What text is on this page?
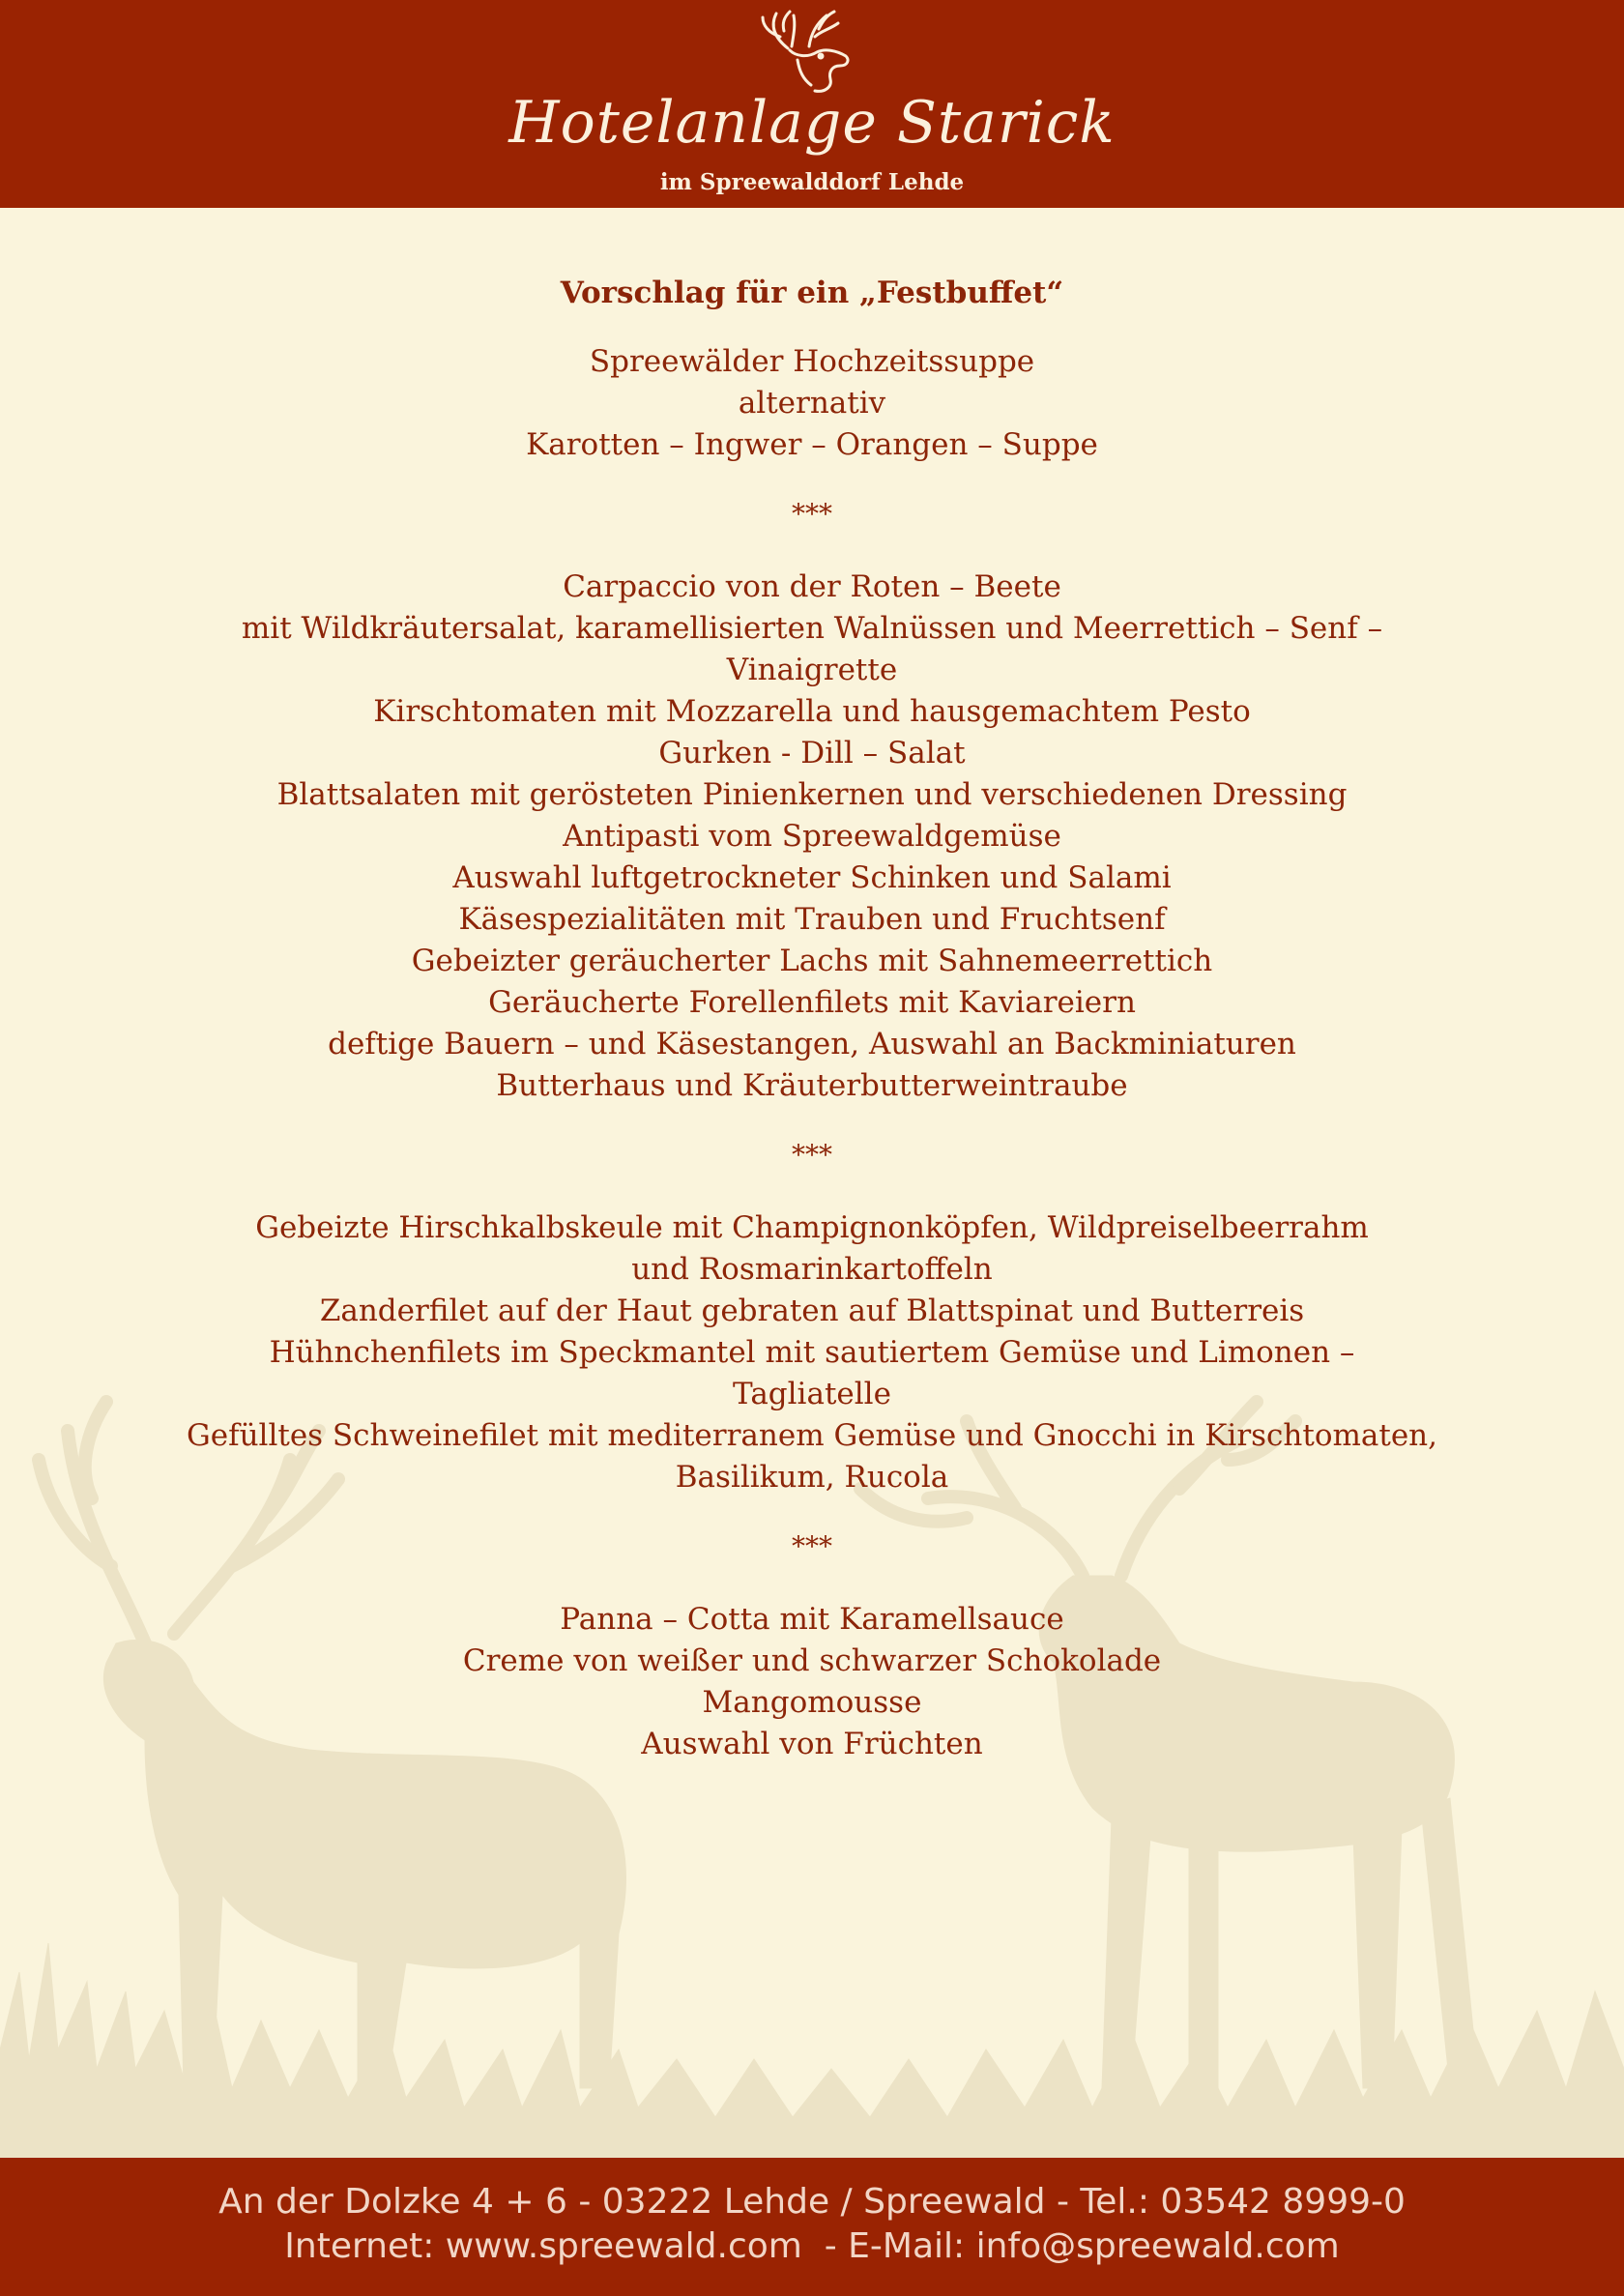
Hotelanlage Starick
im Spreewalddorf Lehde
Vorschlag für ein „Festbuffet“
Spreewälder Hochzeitssuppe
alternativ
Karotten – Ingwer – Orangen – Suppe
***
Carpaccio von der Roten – Beete
mit Wildkräutersalat, karamellisierten Walnüssen und Meerrettich – Senf –
Vinaigrette
Kirschtomaten mit Mozzarella und hausgemachtem Pesto
Gurken - Dill – Salat
Blattsalaten mit gerösteten Pinienkernen und verschiedenen Dressing
Antipasti vom Spreewaldgemüse
Auswahl luftgetrockneter Schinken und Salami
Käsespezialitäten mit Trauben und Fruchtsenf
Gebeizter geräucherter Lachs mit Sahnemeerrettich
Geräucherte Forellenfilets mit Kaviareiern
deftige Bauern – und Käsestangen, Auswahl an Backminiaturen
Butterhaus und Kräuterbutterweintraube
***
Gebeizte Hirschkalbskeule mit Champignonköpfen, Wildpreiselbeerrahm
und Rosmarinkartoffeln
Zanderfilet auf der Haut gebraten auf Blattspinat und Butterreis
Hühnchenfilets im Speckmantel mit sautiertem Gemüse und Limonen –
Tagliatelle
Gefülltes Schweinefilet mit mediterranem Gemüse und Gnocchi in Kirschtomaten,
Basilikum, Rucola
***
Panna – Cotta mit Karamellsauce
Creme von weißer und schwarzer Schokolade
Mangomousse
Auswahl von Früchten
An der Dolzke 4 + 6 - 03222 Lehde / Spreewald - Tel.: 03542 8999-0
Internet: www.spreewald.com  - E-Mail: info@spreewald.com
